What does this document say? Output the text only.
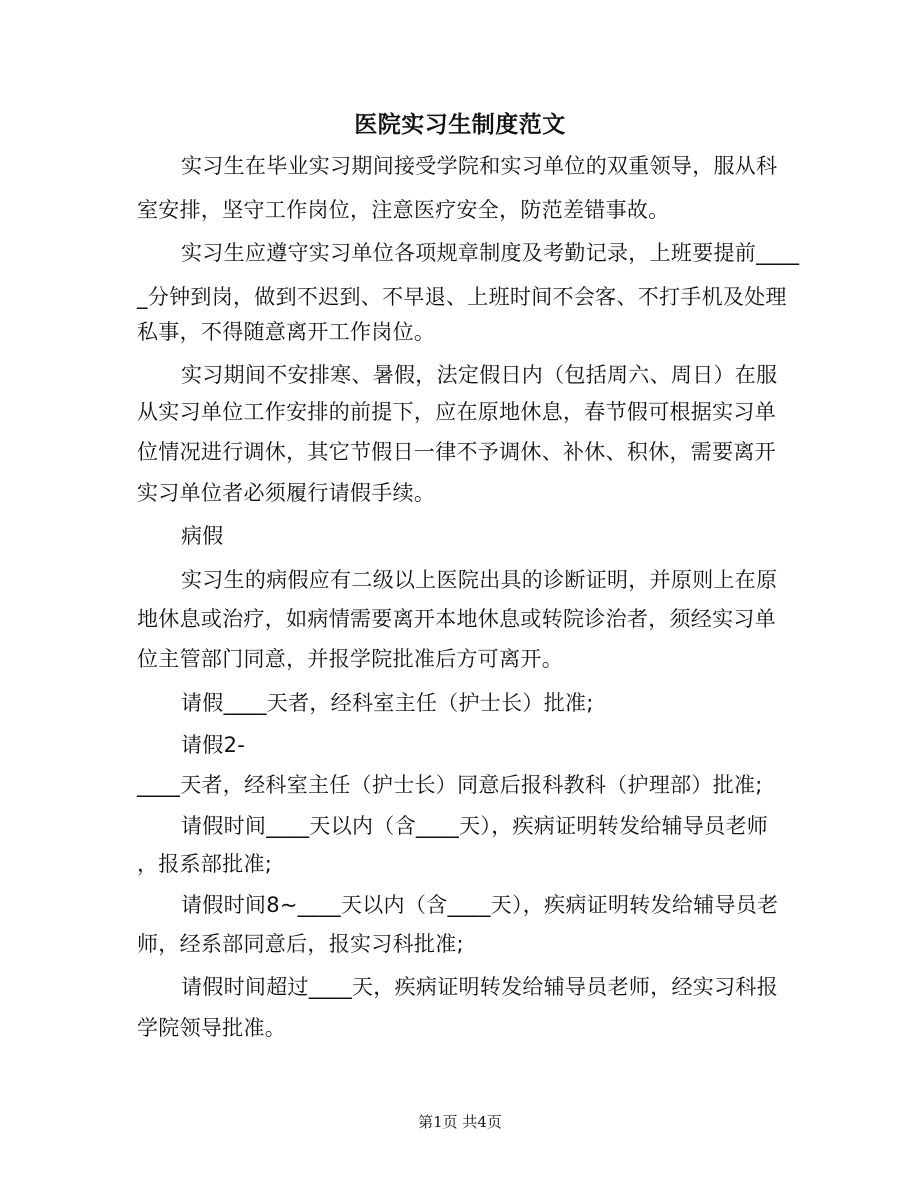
医院实习生制度范文
实习生在毕业实习期间接受学院和实习单位的双重领导，服从科
室安排，坚守工作岗位，注意医疗安全，防范差错事故。
实习生应遵守实习单位各项规章制度及考勤记录，上班要提前____
_分钟到岗，做到不迟到、不早退、上班时间不会客、不打手机及处理
私事，不得随意离开工作岗位。
实习期间不安排寒、暑假，法定假日内（包括周六、周日）在服
从实习单位工作安排的前提下，应在原地休息，春节假可根据实习单
位情况进行调休，其它节假日一律不予调休、补休、积休，需要离开
实习单位者必须履行请假手续。
病假
实习生的病假应有二级以上医院出具的诊断证明，并原则上在原
地休息或治疗，如病情需要离开本地休息或转院诊治者，须经实习单
位主管部门同意，并报学院批准后方可离开。
请假____天者，经科室主任（护士长）批准;
请假2-
____天者，经科室主任（护士长）同意后报科教科（护理部）批准;
请假时间____天以内（含____天），疾病证明转发给辅导员老师
，报系部批准;
请假时间8~____天以内（含____天），疾病证明转发给辅导员老
师，经系部同意后，报实习科批准;
请假时间超过____天，疾病证明转发给辅导员老师，经实习科报
学院领导批准。
第1页 共4页
